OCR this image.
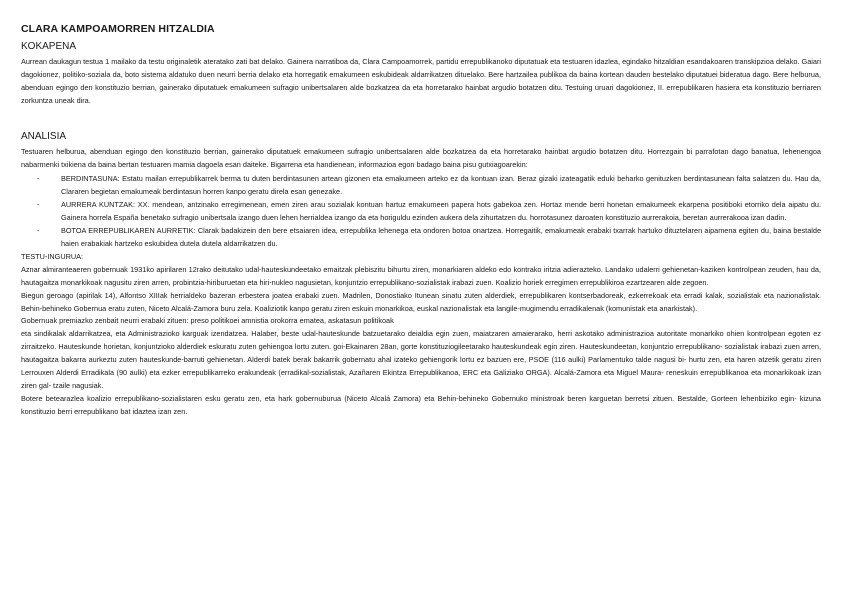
CLARA KAMPOAMORREN HITZALDIA
KOKAPENA

Aurrean daukagun testua 1 mailako da testu originaletik ateratako zati bat delako. Gainera narratiboa da, Clara Campoamorrek, partidu errepublikanoko diputatuak eta testuaren idazlea, egindako hitzaldian esandakoaren transkipzioa delako. Gaiari dagokionez, politiko-soziala da, boto sistema aldatuko duen neurri berria delako eta horregatik emakumeen eskubideak aldarrikatzen dituelako. Bere hartzailea publikoa da baina kortean dauden bestelako diputatuei bideratua dago. Bere helburua, abenduan egingo den konstituzio berrian, gainerako diputatuek emakumeen sufragio unibertsalaren alde bozkatzea da eta horretarako hainbat argudio botatzen ditu. Testuing uruari dagokionez, II. errepublikaren hasiera eta konstituzio berriaren zorkuntza uneak dira.

ANALISIA

Testuaren helburua, abenduan egingo den konstituzio berrian, gainerako diputatuek emakumeen sufragio unibertsalaren alde bozkatzea da eta horretarako hainbat argudio botatzen ditu. Horrezgain bi parrafotan dago banatua, lehenengoa nabarmenki txikiena da baina bertan testuaren mamia dagoela esan daiteke. Bigarrena eta handienean, informazioa egon badago baina pisu gutxiagoarekin:

-	BERDINTASUNA: Estatu mailan errepublikarrek berma tu duten berdintasunen artean gizonen eta emakumeen arteko ez da kontuan izan. Beraz gizaki izateagatik eduki beharko genituzken berdintasunean falta salatzen du. Hau da, Clararen begietan emakumeak berdintasun horren kanpo geratu direla esan genezake.
-	AURRERA KUNTZAK: XX. mendean, antzinako erregimenean, emen ziren arau sozialak kontuan hartuz emakumeen papera hots gabekoa zen. Hortaz mende berri honetan emakumeek ekarpena positiboki etorriko dela aipatu du. Gainera horrela España benetako sufragio unibertsala izango duen lehen herrialdea izango da eta horiguldu ezinden aukera dela zihurtatzen du. horrotasunez daroaten konstituzio aurrerakoia, beretan aurrerakooa izan dadin.
-	BOTOA ERREPUBLIKAREN AURRETIK: Clarak badakizein den bere etsaiaren idea, errepublika lehenega eta ondoren botoa onartzea. Horregaitik, emakumeak erabaki txarrak hartuko dituztelaren aipamena egiten du, baina bestalde haien erabakiak hartzeko eskubidea dutela dutela aldarrikatzen du.
TESTU-INGURUA:

Aznar almiranteaeren gobernuak 1931ko apirilaren 12rako deitutako udal-hauteskundeetako emaitzak plebiszitu bihurtu ziren, monarkiaren aldeko edo kontrako iritzia adierazteko. Landako udalerri gehienetan-kaziken kontrolpean zeuden, hau da, hautagaitza monarkikoak nagusitu ziren arren, probintzia-hiriburuetan eta hiri-nukleo nagusietan, konjuntzio errepublikano-sozialistak irabazi zuen. Koalizio horiek erregimen errepublikiroa ezartzearen alde zegoen.

Biegun geroago (apirilak 14), Alfontso XIIIak herrialdeko bazeran erbestera joatea erabaki zuen. Madrilen, Donostiako Itunean sinatu zuten alderdiek, errepublikaren kontserbadoreak, ezkerrekoak eta erradi kalak, sozialistak eta nazionalistak. Behin-behineko Gobernua eratu zuten, Niceto Alcalá-Zamora buru zela. Koaliziotik kanpo geratu ziren eskuin monarkikoa, euskal nazionalistak eta langile-mugimendu erradikalenak (komunistak eta anarkistak).

Gobernuak premiazko zenbait neurri erabaki zituen: preso politikoei amnistia orokorra ematea, askatasun politikoak

eta sindikalak aldarrikatzea, eta Administrazioko karguak izendatzea. Halaber, beste udal-hauteskunde batzuetarako deialdia egin zuen, maiatzaren amaierarako, herri askotako administrazioa autoritate monarkiko ohien kontrolpean egoten ez zirraitzeko. Hauteskunde horietan, konjuntzioko alderdiek eskuratu zuten gehiengoa lortu zuten. goi-Ekainaren 28an, gorte konstituziogileetarako hauteskundeak egin ziren. Hauteskundeetan, konjuntzio errepublikano- sozialistak irabazi zuen arren, hautagaitza bakarra aurkeztu zuten hauteskunde-barruti gehienetan. Alderdi batek berak bakarrik gobernatu ahal izateko gehiengorik lortu ez bazuen ere, PSOE (116 aulki) Parlamentuko talde nagusi bi- hurtu zen, eta haren atzetik geratu ziren Lerrouxen Alderdi Erradikala (90 aulki) eta ezker errepublikarreko erakundeak (erradikal-sozialistak, Azañaren Ekintza Errepublikanoa, ERC eta Galiziako ORGA). Alcalá-Zamora eta Miguel Maura- reneskuin errepublikanoa eta monarkikoak izan ziren gal- tzaile nagusiak.

Botere betearazlea koalizio errepublikano-sozialistaren esku geratu zen, eta hark gobernuburua (Niceto Alcalá Zamora) eta Behin-behineko Gobernuko ministroak beren karguetan berretsi zituen. Bestalde, Gorteen lehenbiziko egin- kizuna konstituzio berri errepublikano bat idaztea izan zen.
